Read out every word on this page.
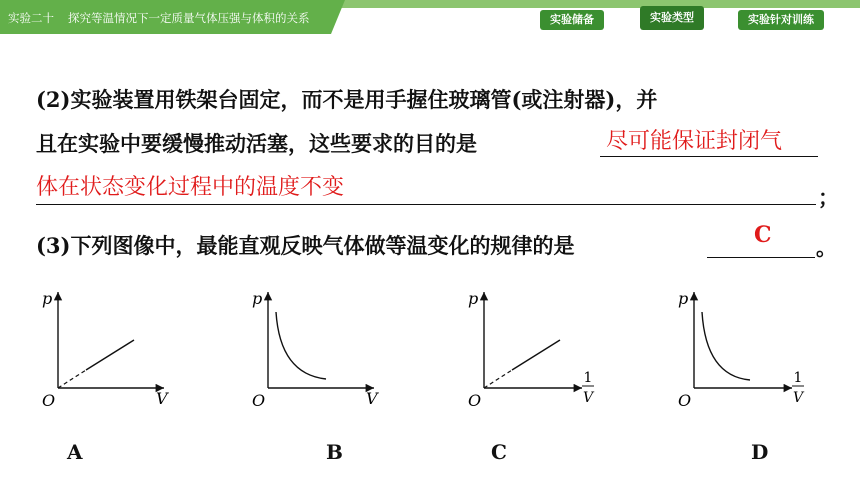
实验二十 探究等温情况下一定质量气体压强与体积的关系	实验储备	实验类型	实验针对训练
(2)实验装置用铁架台固定，而不是用手握住玻璃管(或注射器)，并
且在实验中要缓慢推动活塞，这些要求的目的是	尽可能保证封闭气
体在状态变化过程中的温度不变	；
(3)下列图像中，最能直观反映气体做等温变化的规律的是	C 。
p
V
O
A
p
V
O
B
p
1
V
O
C
p
1
V
O
D
